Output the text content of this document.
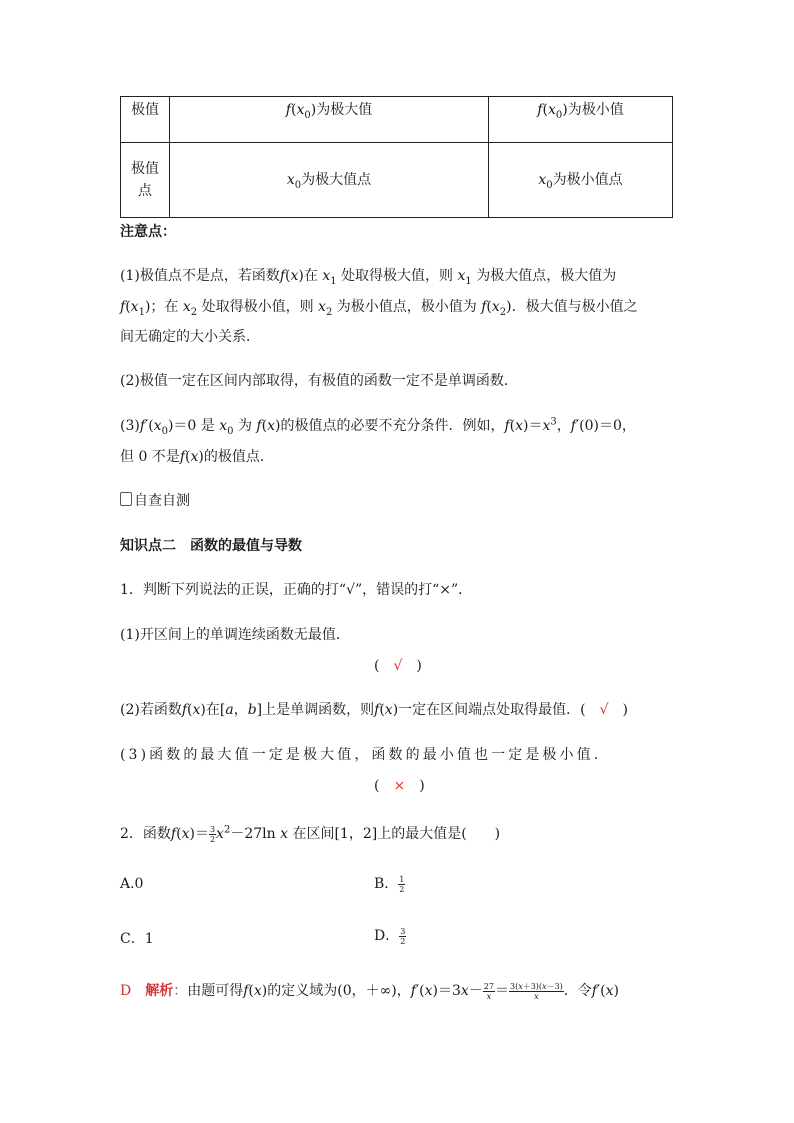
极值	$f(x_0)$为极大值	$f(x_0)$为极小值

极值
点	$x_0$为极大值点	$x_0$为极小值点
注意点：
(1)极值点不是点，若函数f(x)在 $x_1$ 处取得极大值，则 $x_1$ 为极大值点，极大值为
$f(x_1)$；在 $x_2$ 处取得极小值，则 $x_2$ 为极小值点，极小值为 $f(x_2)$．极大值与极小值之
间无确定的大小关系．
(2)极值一定在区间内部取得，有极值的函数一定不是单调函数．
$(3)f'(x_0)=0$ 是 $x_0$ 为 f(x)的极值点的必要不充分条件．例如，$f(x)=x^3$，f′(0)＝0，
但 0 不是f(x)的极值点．
自查自测
知识点二　函数的最值与导数
1．判断下列说法的正误，正确的打“√”，错误的打“×”．
(1)开区间上的单调连续函数无最值．
(　√　)
(2)若函数f(x)在[a，b]上是单调函数，则f(x)一定在区间端点处取得最值．(　 √　)
(3)函数的最大值一定是极大值，函数的最小值也一定是极小值．
(　×　)
2．函数$f(x)= \frac{3}{2} x^2-27\ln$ x 在区间[1，2]上的最大值是(　　)
A.0	B． $\frac{1}{2}$
C．1	D． $\frac{3}{2}$
D　 解析：由题可得f(x)的定义域为(0，＋∞)，$f'(x)=3x- \frac{27}{x} = \frac{3(x+3)(x-3)}{x}$ ．令f′(x)
